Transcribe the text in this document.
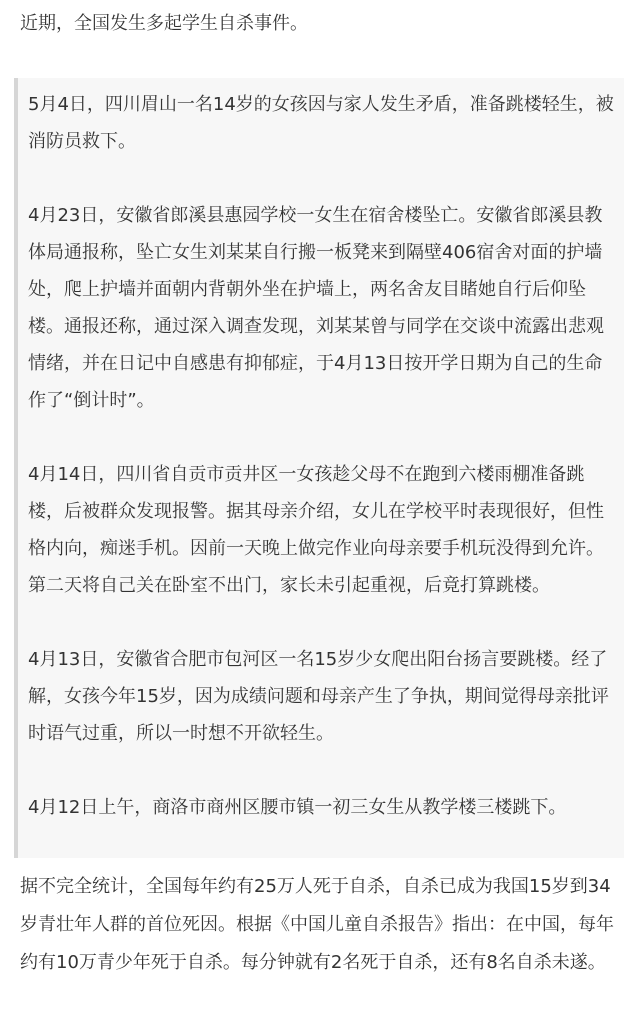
近期，全国发生多起学生自杀事件。

5月4日，四川眉山一名14岁的女孩因与家人发生矛盾，准备跳楼轻生，被消防员救下。

4月23日，安徽省郎溪县惠园学校一女生在宿舍楼坠亡。安徽省郎溪县教体局通报称，坠亡女生刘某某自行搬一板凳来到隔壁406宿舍对面的护墙处，爬上护墙并面朝内背朝外坐在护墙上，两名舍友目睹她自行后仰坠楼。通报还称，通过深入调查发现，刘某某曾与同学在交谈中流露出悲观情绪，并在日记中自感患有抑郁症，于4月13日按开学日期为自己的生命作了“倒计时”。

4月14日，四川省自贡市贡井区一女孩趁父母不在跑到六楼雨棚准备跳楼，后被群众发现报警。据其母亲介绍，女儿在学校平时表现很好，但性格内向，痴迷手机。因前一天晚上做完作业向母亲要手机玩没得到允许。第二天将自己关在卧室不出门，家长未引起重视，后竟打算跳楼。

4月13日，安徽省合肥市包河区一名15岁少女爬出阳台扬言要跳楼。经了解，女孩今年15岁，因为成绩问题和母亲产生了争执，期间觉得母亲批评时语气过重，所以一时想不开欲轻生。

4月12日上午，商洛市商州区腰市镇一初三女生从教学楼三楼跳下。

据不完全统计，全国每年约有25万人死于自杀，自杀已成为我国15岁到34岁青壮年人群的首位死因。根据《中国儿童自杀报告》指出：在中国，每年约有10万青少年死于自杀。每分钟就有2名死于自杀，还有8名自杀未遂。
